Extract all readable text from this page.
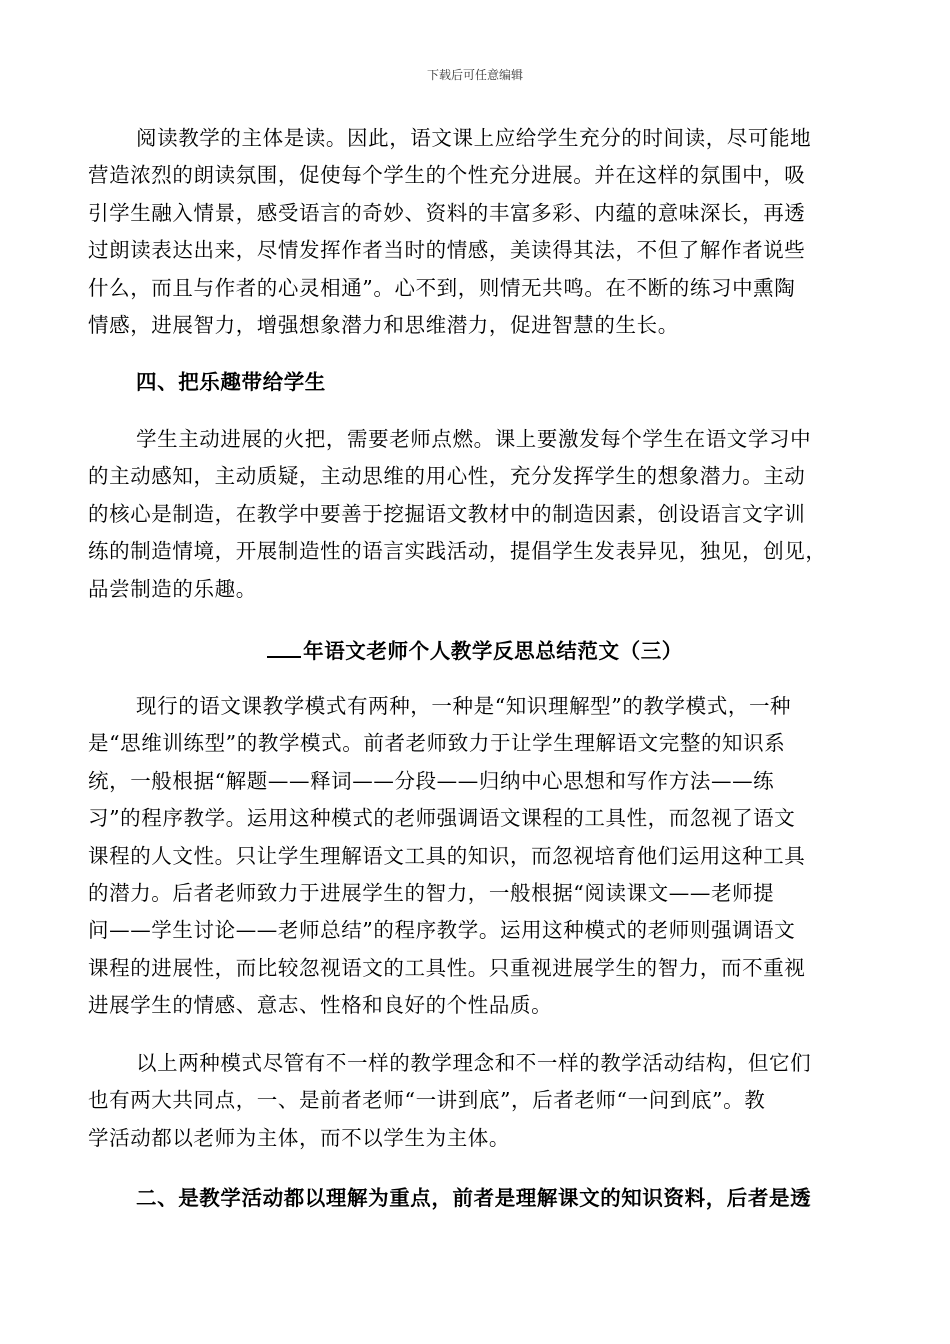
下载后可任意编辑
阅读教学的主体是读。因此，语文课上应给学生充分的时间读，尽可能地
营造浓烈的朗读氛围，促使每个学生的个性充分进展。并在这样的氛围中，吸
引学生融入情景，感受语言的奇妙、资料的丰富多彩、内蕴的意味深长，再透
过朗读表达出来，尽情发挥作者当时的情感，美读得其法，不但了解作者说些
什么，而且与作者的心灵相通”。心不到，则情无共鸣。在不断的练习中熏陶
情感，进展智力，增强想象潜力和思维潜力，促进智慧的生长。
四、把乐趣带给学生
学生主动进展的火把，需要老师点燃。课上要激发每个学生在语文学习中
的主动感知，主动质疑，主动思维的用心性，充分发挥学生的想象潜力。主动
的核心是制造，在教学中要善于挖掘语文教材中的制造因素，创设语言文字训
练的制造情境，开展制造性的语言实践活动，提倡学生发表异见，独见，创见，
品尝制造的乐趣。
年语文老师个人教学反思总结范文（三）
现行的语文课教学模式有两种，一种是“知识理解型”的教学模式，一种
是“思维训练型”的教学模式。前者老师致力于让学生理解语文完整的知识系
统，一般根据“解题——释词——分段——归纳中心思想和写作方法——练
习”的程序教学。运用这种模式的老师强调语文课程的工具性，而忽视了语文
课程的人文性。只让学生理解语文工具的知识，而忽视培育他们运用这种工具
的潜力。后者老师致力于进展学生的智力，一般根据“阅读课文——老师提
问——学生讨论——老师总结”的程序教学。运用这种模式的老师则强调语文
课程的进展性，而比较忽视语文的工具性。只重视进展学生的智力，而不重视
进展学生的情感、意志、性格和良好的个性品质。
以上两种模式尽管有不一样的教学理念和不一样的教学活动结构，但它们
也有两大共同点，一、是前者老师“一讲到底”，后者老师“一问到底”。教
学活动都以老师为主体，而不以学生为主体。
二、是教学活动都以理解为重点，前者是理解课文的知识资料，后者是透
